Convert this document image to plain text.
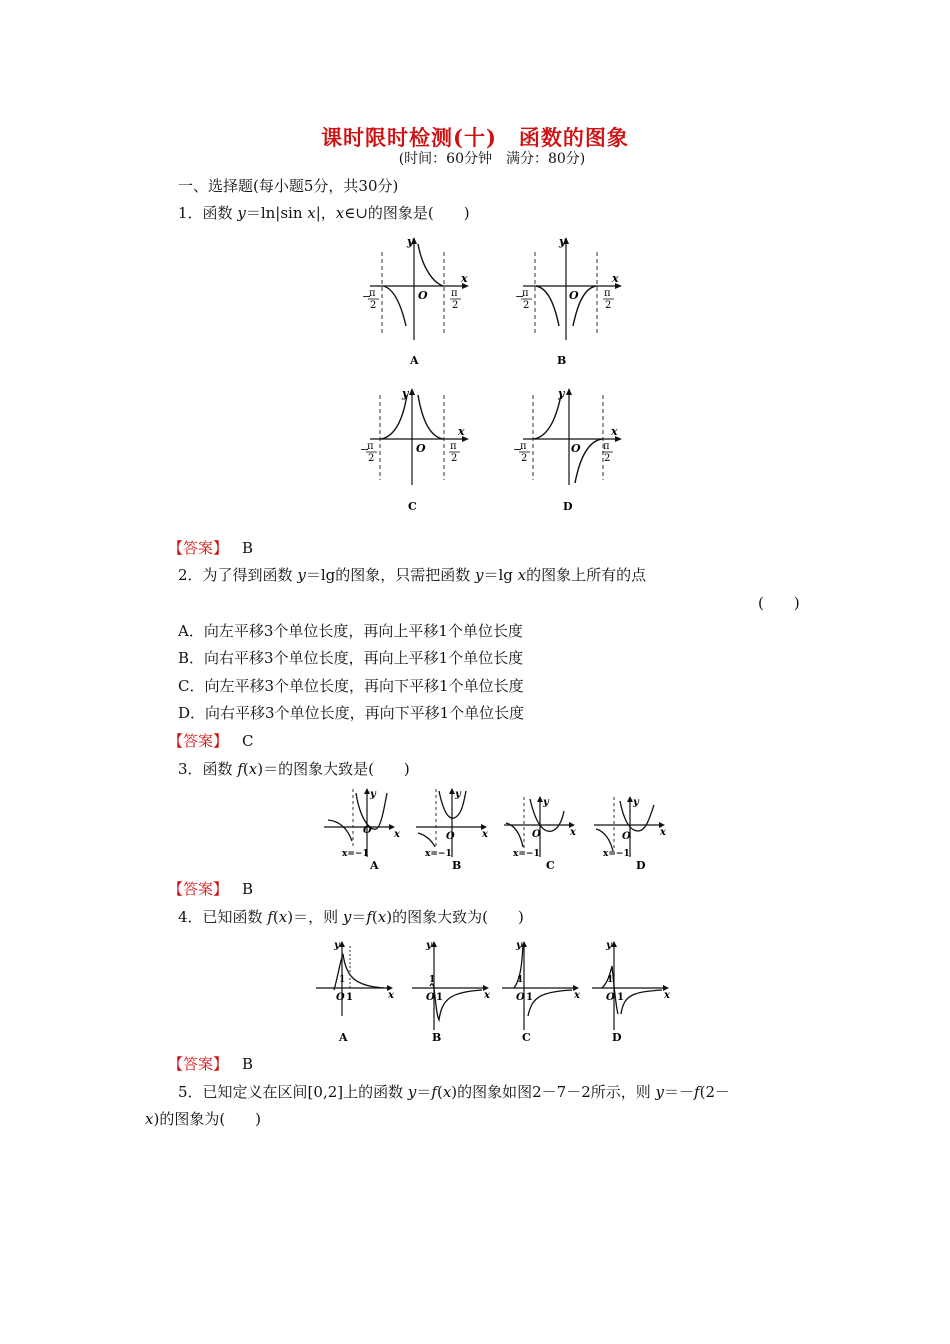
课时限时检测(十)　函数的图象
(时间：60分钟　满分：80分)
一、选择题(每小题5分，共30分)
1．函数 y＝ln|sin x|，x∈∪的图象是(　　)
x
y
O
−
π
2
π
2
A
x
y
O
−
π
2
π
2
B
x
y
O
−
π
2
π
2
C
x
y
O
−
π
2
π
2
D
【答案】 B
2．为了得到函数 y＝lg的图象，只需把函数 y＝lg x的图象上所有的点
(　　)
A．向左平移3个单位长度，再向上平移1个单位长度
B．向右平移3个单位长度，再向上平移1个单位长度
C．向左平移3个单位长度，再向下平移1个单位长度
D．向右平移3个单位长度，再向下平移1个单位长度
【答案】 C
3．函数 f(x)＝的图象大致是(　　)
O x
y
x=−1
A
O	x
y
x=−1
B
O	x
y
x=−1
C
O	x
y
x=−1
D
【答案】 B
4．已知函数 f(x)＝，则 y＝f(x)的图象大致为(　　)
O 1
1
x
y
A
O 1
1
x
y
B
O 1
1
x
y
C
O 1
1
x
y
D
【答案】 B
5．已知定义在区间[0,2]上的函数 y＝f(x)的图象如图2－7－2所示，则 y＝－f(2－
x)的图象为(　　)
